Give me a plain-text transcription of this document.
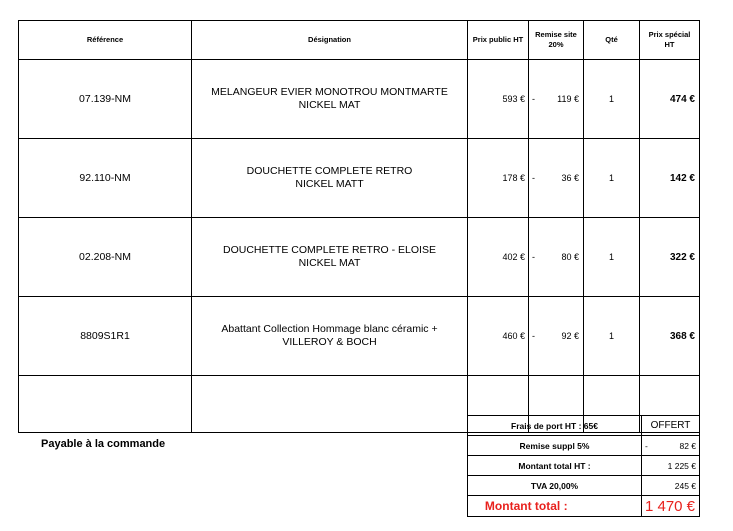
Référence	Désignation	Prix public HT	Remise site
20%	Qté	Prix spécial
HT
07.139-NM	MELANGEUR EVIER MONOTROU MONTMARTE
NICKEL MAT	593 €	- 119 €	1	474 €
92.110-NM	DOUCHETTE COMPLETE RETRO
NICKEL MATT	178 €	- 36 €	1	142 €
02.208-NM	DOUCHETTE COMPLETE RETRO - ELOISE
NICKEL MAT	402 €	- 80 €	1	322 €
8809S1R1	Abattant Collection Hommage blanc céramic +
VILLEROY & BOCH	460 €	- 92 €	1	368 €

Payable à la commande
Frais de port HT : 65€		OFFERT
Remise suppl 5%		- 82 €

Montant total HT :		1 225 €
TVA 20,00%		245 €
Montant total :		1 470 €
